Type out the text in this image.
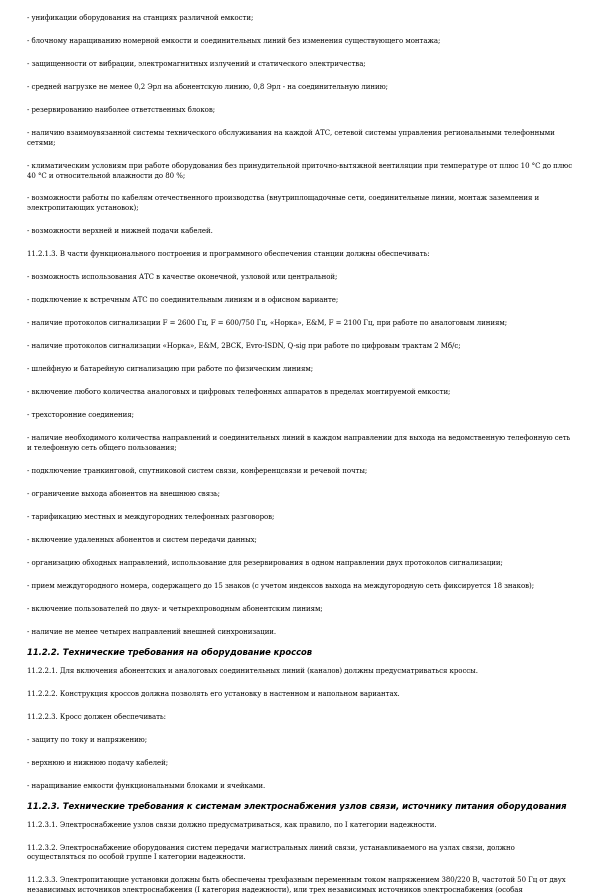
- унификации оборудования на станциях различной емкости;
- блочному наращиванию номерной емкости и соединительных линий без изменения существующего монтажа;
- защищенности от вибрации, электромагнитных излучений и статического электричества;
- средней нагрузке не менее 0,2 Эрл на абонентскую линию, 0,8 Эрл - на соединительную линию;
- резервированию наиболее ответственных блоков;
- наличию взаимоувязанной системы технического обслуживания на каждой АТС, сетевой системы управления региональными телефонными сетями;
- климатическим условиям при работе оборудования без принудительной приточно-вытяжной вентиляции при температуре от плюс 10 °C до плюс 40 °C и относительной влажности до 80 %;
- возможности работы по кабелям отечественного производства (внутриплощадочные сети, соединительные линии, монтаж заземления и электропитающих установок);
- возможности верхней и нижней подачи кабелей.
11.2.1.3. В части функционального построения и программного обеспечения станции должны обеспечивать:
- возможность использования АТС в качестве оконечной, узловой или центральной;
- подключение к встречным АТС по соединительным линиям и в офисном варианте;
- наличие протоколов сигнализации F = 2600 Гц, F = 600/750 Гц, «Норка», E&M, F = 2100 Гц, при работе по аналоговым линиям;
- наличие протоколов сигнализации «Норка», E&M, 2ВСК, Evro-ISDN, Q-sig при работе по цифровым трактам 2 Мб/с;
- шлейфную и батарейную сигнализацию при работе по физическим линиям;
- включение любого количества аналоговых и цифровых телефонных аппаратов в пределах монтируемой емкости;
- трехсторонние соединения;
- наличие необходимого количества направлений и соединительных линий в каждом направлении для выхода на ведомственную телефонную сеть и телефонную сеть общего пользования;
- подключение транкинговой, спутниковой систем связи, конференцсвязи и речевой почты;
- ограничение выхода абонентов на внешнюю связь;
- тарификацию местных и междугородних телефонных разговоров;
- включение удаленных абонентов и систем передачи данных;
- организацию обходных направлений, использование для резервирования в одном направлении двух протоколов сигнализации;
- прием междугородного номера, содержащего до 15 знаков (с учетом индексов выхода на междугородную сеть фиксируется 18 знаков);
- включение пользователей по двух- и четырехпроводным абонентским линиям;
- наличие не менее четырех направлений внешней синхронизации.
11.2.2. Технические требования на оборудование кроссов
11.2.2.1. Для включения абонентских и аналоговых соединительных линий (каналов) должны предусматриваться кроссы.
11.2.2.2. Конструкция кроссов должна позволять его установку в настенном и напольном вариантах.
11.2.2.3. Кросс должен обеспечивать:
- защиту по току и напряжению;
- верхнюю и нижнюю подачу кабелей;
- наращивание емкости функциональными блоками и ячейками.
11.2.3. Технические требования к системам электроснабжения узлов связи, источнику питания оборудования
11.2.3.1. Электроснабжение узлов связи должно предусматриваться, как правило, по I категории надежности.
11.2.3.2. Электроснабжение оборудования систем передачи магистральных линий связи, устанавливаемого на узлах связи, должно осуществляться по особой группе I категории надежности.
11.2.3.3. Электропитающие установки должны быть обеспечены трехфазным переменным током напряжением 380/220 В, частотой 50 Гц от двух независимых источников электроснабжения (I категория надежности), или трех независимых источников электроснабжения (особая
